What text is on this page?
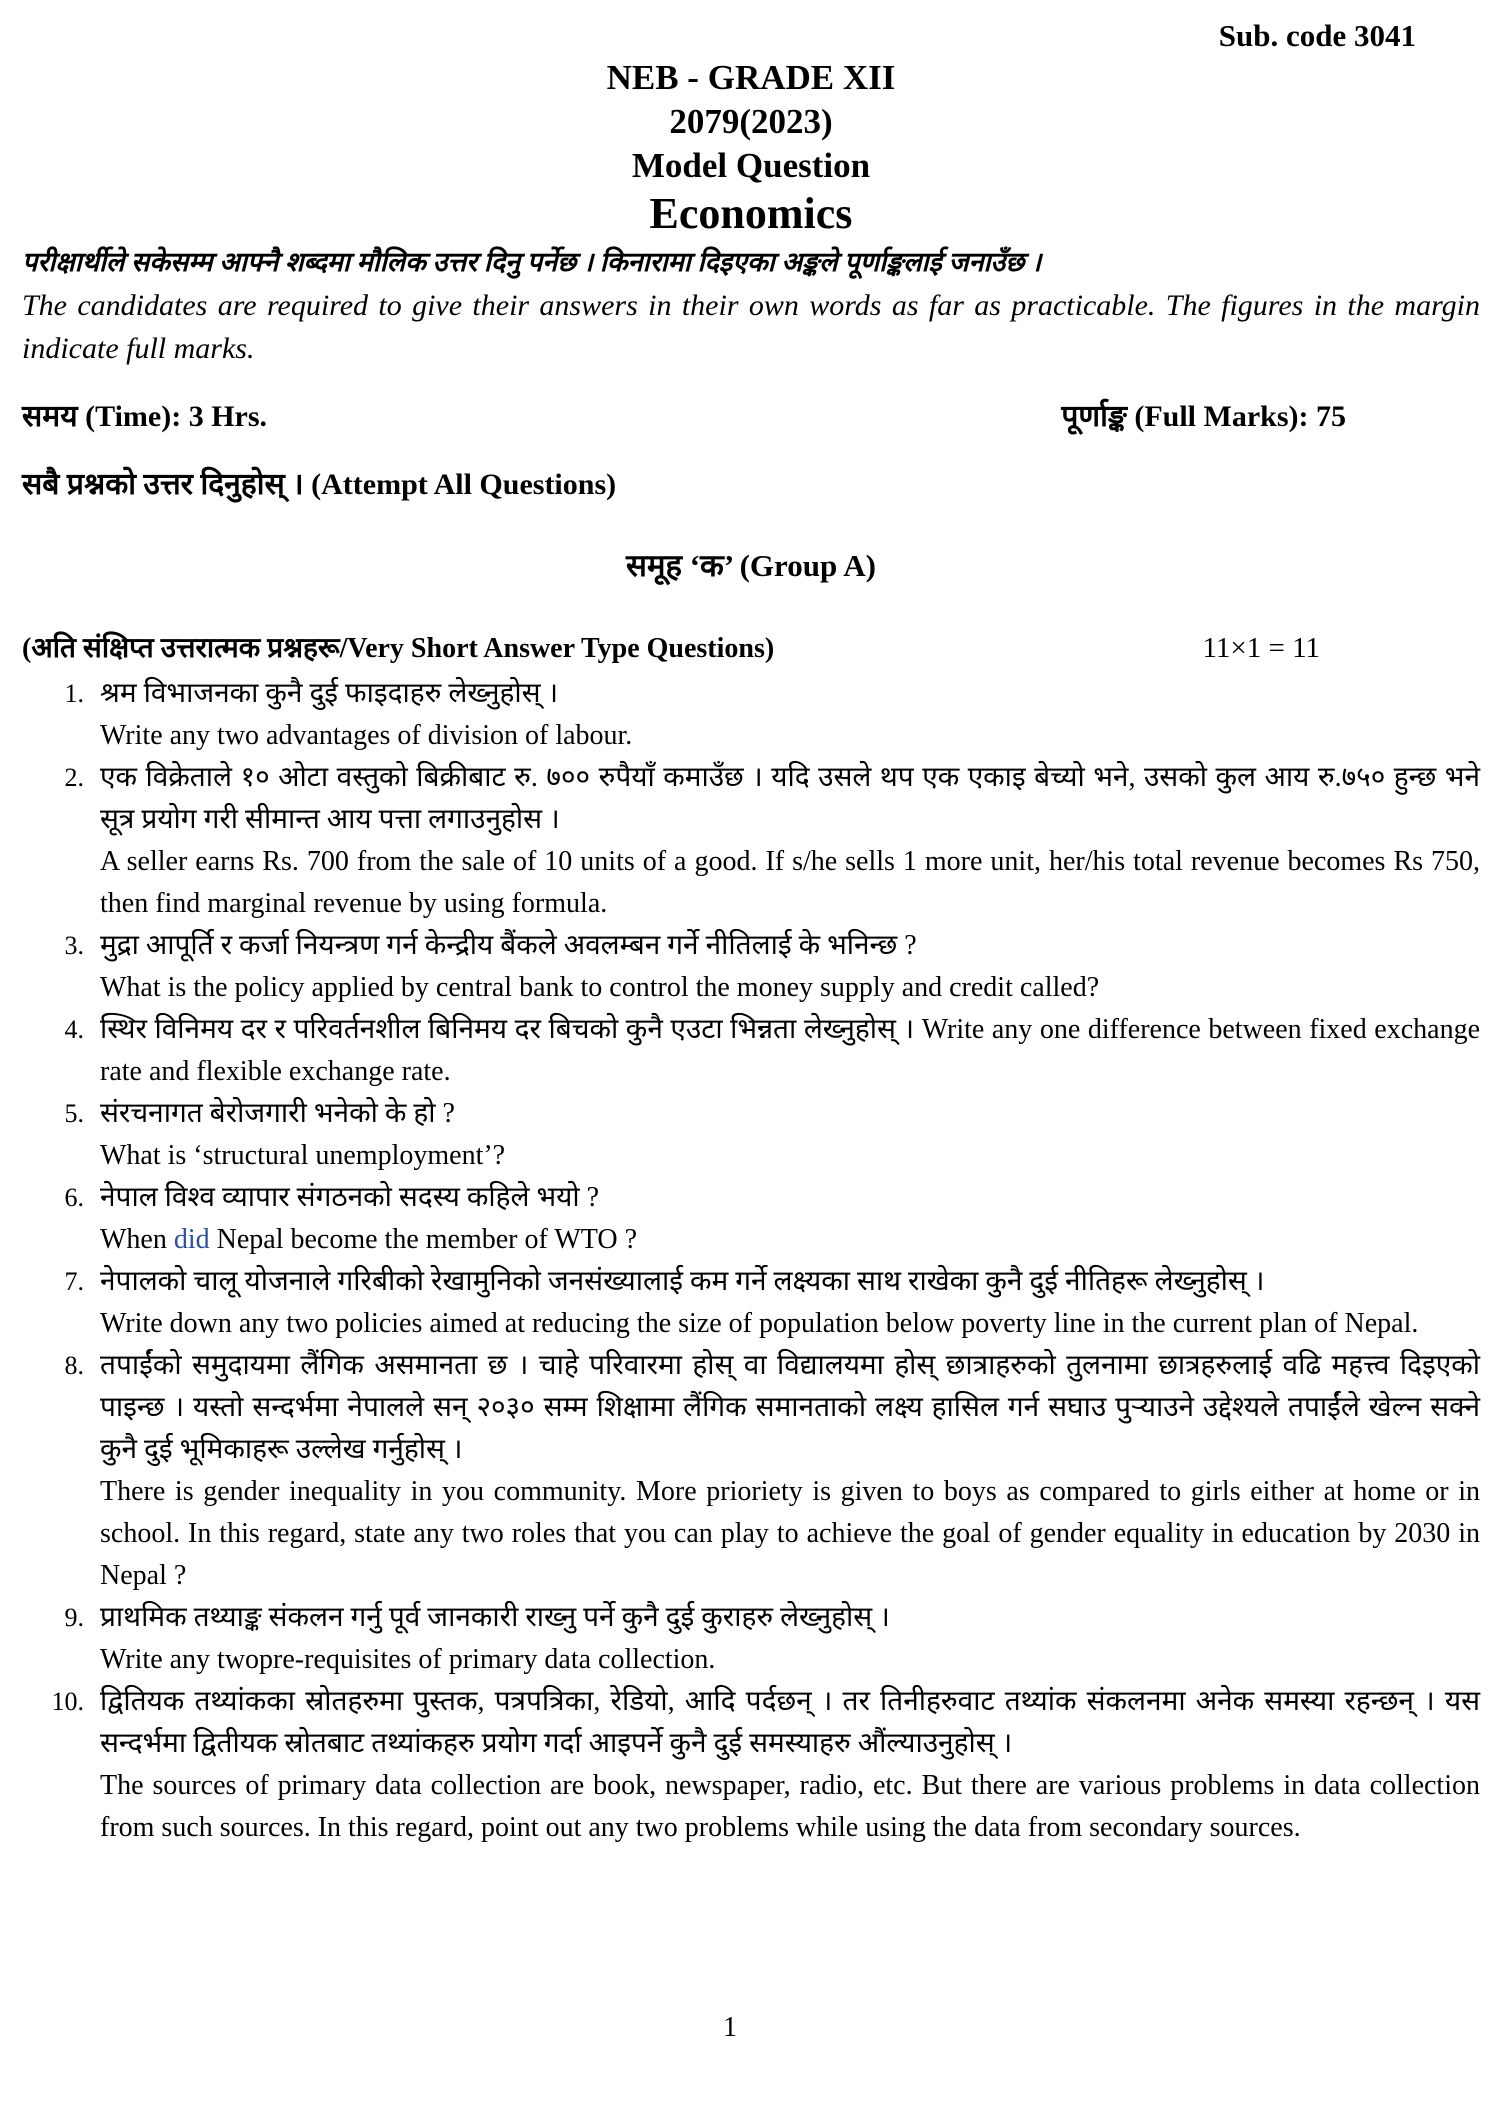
Sub. code 3041
NEB - GRADE XII
2079(2023)
Model Question
Economics
परीक्षार्थीले सकेसम्म आफ्नै शब्दमा मौलिक उत्तर दिनु पर्नेछ । किनारामा दिइएका अङ्कले पूर्णाङ्कलाई जनाउँछ ।
The candidates are required to give their answers in their own words as far as practicable. The figures in the margin indicate full marks.
समय (Time): 3 Hrs.	पूर्णाङ्क (Full Marks): 75
सबै प्रश्नको उत्तर दिनुहोस् । (Attempt All Questions)
समूह ‘क’ (Group A)
(अति संक्षिप्त उत्तरात्मक प्रश्नहरू/Very Short Answer Type Questions)	11×1 = 11
1. श्रम विभाजनका कुनै दुई फाइदाहरु लेख्नुहोस् ।
Write any two advantages of division of labour.
2. एक विक्रेताले १० ओटा वस्तुको बिक्रीबाट रु. ७०० रुपैयाँ कमाउँछ । यदि उसले थप एक एकाइ बेच्यो भने, उसको कुल आय रु.७५० हुन्छ भने सूत्र प्रयोग गरी सीमान्त आय पत्ता लगाउनुहोस ।
A seller earns Rs. 700 from the sale of 10 units of a good. If s/he sells 1 more unit, her/his total revenue becomes Rs 750, then find marginal revenue by using formula.
3. मुद्रा आपूर्ति र कर्जा नियन्त्रण गर्न केन्द्रीय बैंकले अवलम्बन गर्ने नीतिलाई के भनिन्छ ?
What is the policy applied by central bank to control the money supply and credit called?
4. स्थिर विनिमय दर र परिवर्तनशील बिनिमय दर बिचको कुनै एउटा भिन्नता लेख्नुहोस् । Write any one difference between fixed exchange rate and flexible exchange rate.
5. संरचनागत बेरोजगारी भनेको के हो ?
What is ‘structural unemployment’?
6. नेपाल विश्व व्यापार संगठनको सदस्य कहिले भयो ?
When did Nepal become the member of WTO ?
7. नेपालको चालू योजनाले गरिबीको रेखामुनिको जनसंख्यालाई कम गर्ने लक्ष्यका साथ राखेका कुनै दुई नीतिहरू लेख्नुहोस् ।
Write down any two policies aimed at reducing the size of population below poverty line in the current plan of Nepal.
8. तपाईंको समुदायमा लैंगिक असमानता छ । चाहे परिवारमा होस् वा विद्यालयमा होस् छात्राहरुको तुलनामा छात्रहरुलाई वढि महत्त्व दिइएको पाइन्छ । यस्तो सन्दर्भमा नेपालले सन् २०३० सम्म शिक्षामा लैंगिक समानताको लक्ष्य हासिल गर्न सघाउ पुर्‍याउने उद्देश्यले तपाईंले खेल्न सक्ने कुनै दुई भूमिकाहरू उल्लेख गर्नुहोस् ।
There is gender inequality in you community. More prioriety is given to boys as compared to girls either at home or in school. In this regard, state any two roles that you can play to achieve the goal of gender equality in education by 2030 in Nepal ?
9. प्राथमिक तथ्याङ्क संकलन गर्नु पूर्व जानकारी राख्नु पर्ने कुनै दुई कुराहरु लेख्नुहोस् ।
Write any twopre-requisites of primary data collection.
10. द्वितियक तथ्यांकका स्रोतहरुमा पुस्तक, पत्रपत्रिका, रेडियो, आदि पर्दछन् । तर तिनीहरुवाट तथ्यांक संकलनमा अनेक समस्या रहन्छन् । यस सन्दर्भमा द्वितीयक स्रोतबाट तथ्यांकहरु प्रयोग गर्दा आइपर्ने कुनै दुई समस्याहरु औंल्याउनुहोस् ।
The sources of primary data collection are book, newspaper, radio, etc. But there are various problems in data collection from such sources. In this regard, point out any two problems while using the data from secondary sources.
1
